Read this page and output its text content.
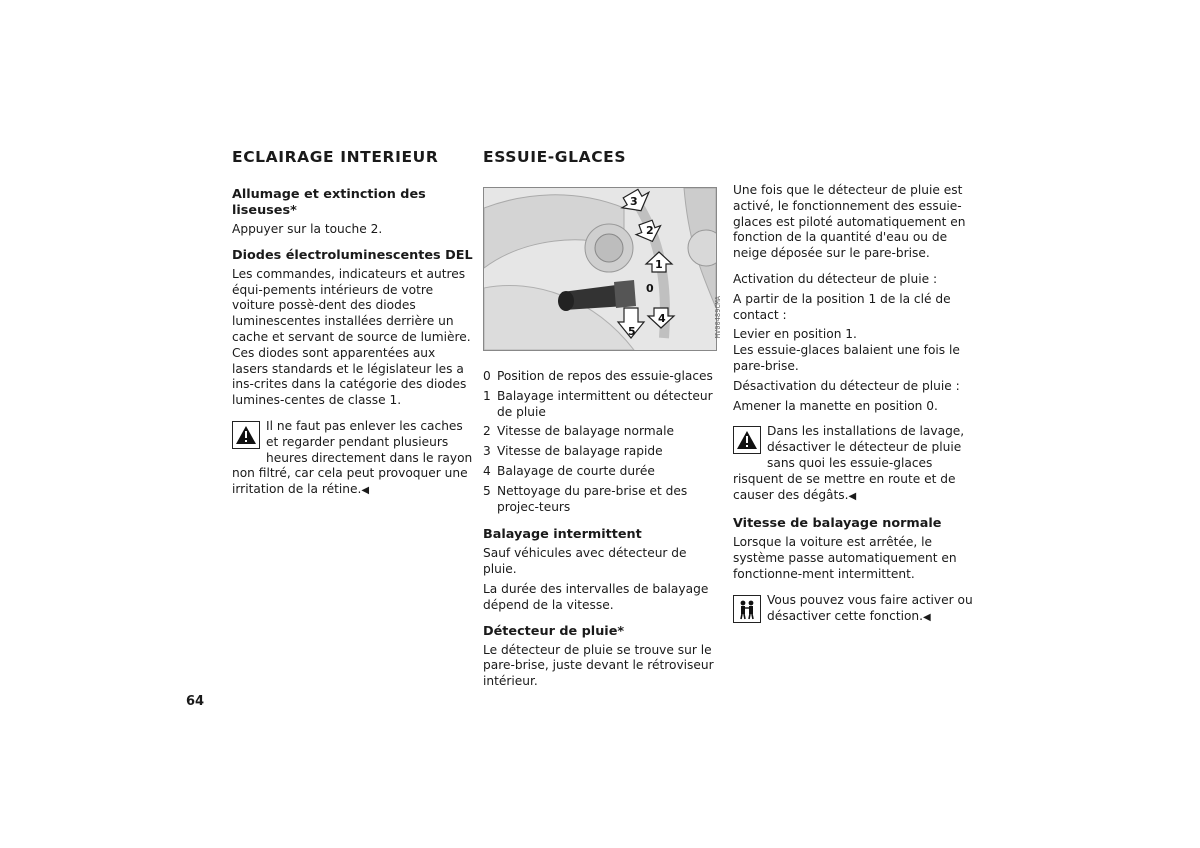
ECLAIRAGE INTERIEUR
Allumage et extinction des liseuses*

Appuyer sur la touche 2.

Diodes électroluminescentes DEL

Les commandes, indicateurs et autres équi-pements intérieurs de votre voiture possè-dent des diodes luminescentes installées derrière un cache et servant de source de lumière. Ces diodes sont apparentées aux lasers standards et le législateur les a ins-crites dans la catégorie des diodes lumines-centes de classe 1.

Il ne faut pas enlever les caches et regarder pendant plusieurs heures directement dans le rayon non filtré, car cela peut provoquer une irritation de la rétine.◀

ESSUIE-GLACES
3
2
1
0
4
5
0 Position de repos des essuie-glaces
1 Balayage intermittent ou détecteur de pluie
2 Vitesse de balayage normale
3 Vitesse de balayage rapide
4 Balayage de courte durée
5 Nettoyage du pare-brise et des projec-teurs
Balayage intermittent

Sauf véhicules avec détecteur de pluie.

La durée des intervalles de balayage dépend de la vitesse.

Détecteur de pluie*

Le détecteur de pluie se trouve sur le pare-brise, juste devant le rétroviseur intérieur.

MV00489CMA

Une fois que le détecteur de pluie est activé, le fonctionnement des essuie-glaces est piloté automatiquement en fonction de la quantité d'eau ou de neige déposée sur le pare-brise.

Activation du détecteur de pluie :

A partir de la position 1 de la clé de contact :

Levier en position 1.

Les essuie-glaces balaient une fois le pare-brise.

Désactivation du détecteur de pluie :

Amener la manette en position 0.

Dans les installations de lavage, désactiver le détecteur de pluie sans quoi les essuie-glaces risquent de se mettre en route et de causer des dégâts.◀

Vitesse de balayage normale

Lorsque la voiture est arrêtée, le système passe automatiquement en fonctionne-ment intermittent.

Vous pouvez vous faire activer ou désactiver cette fonction.◀

64
